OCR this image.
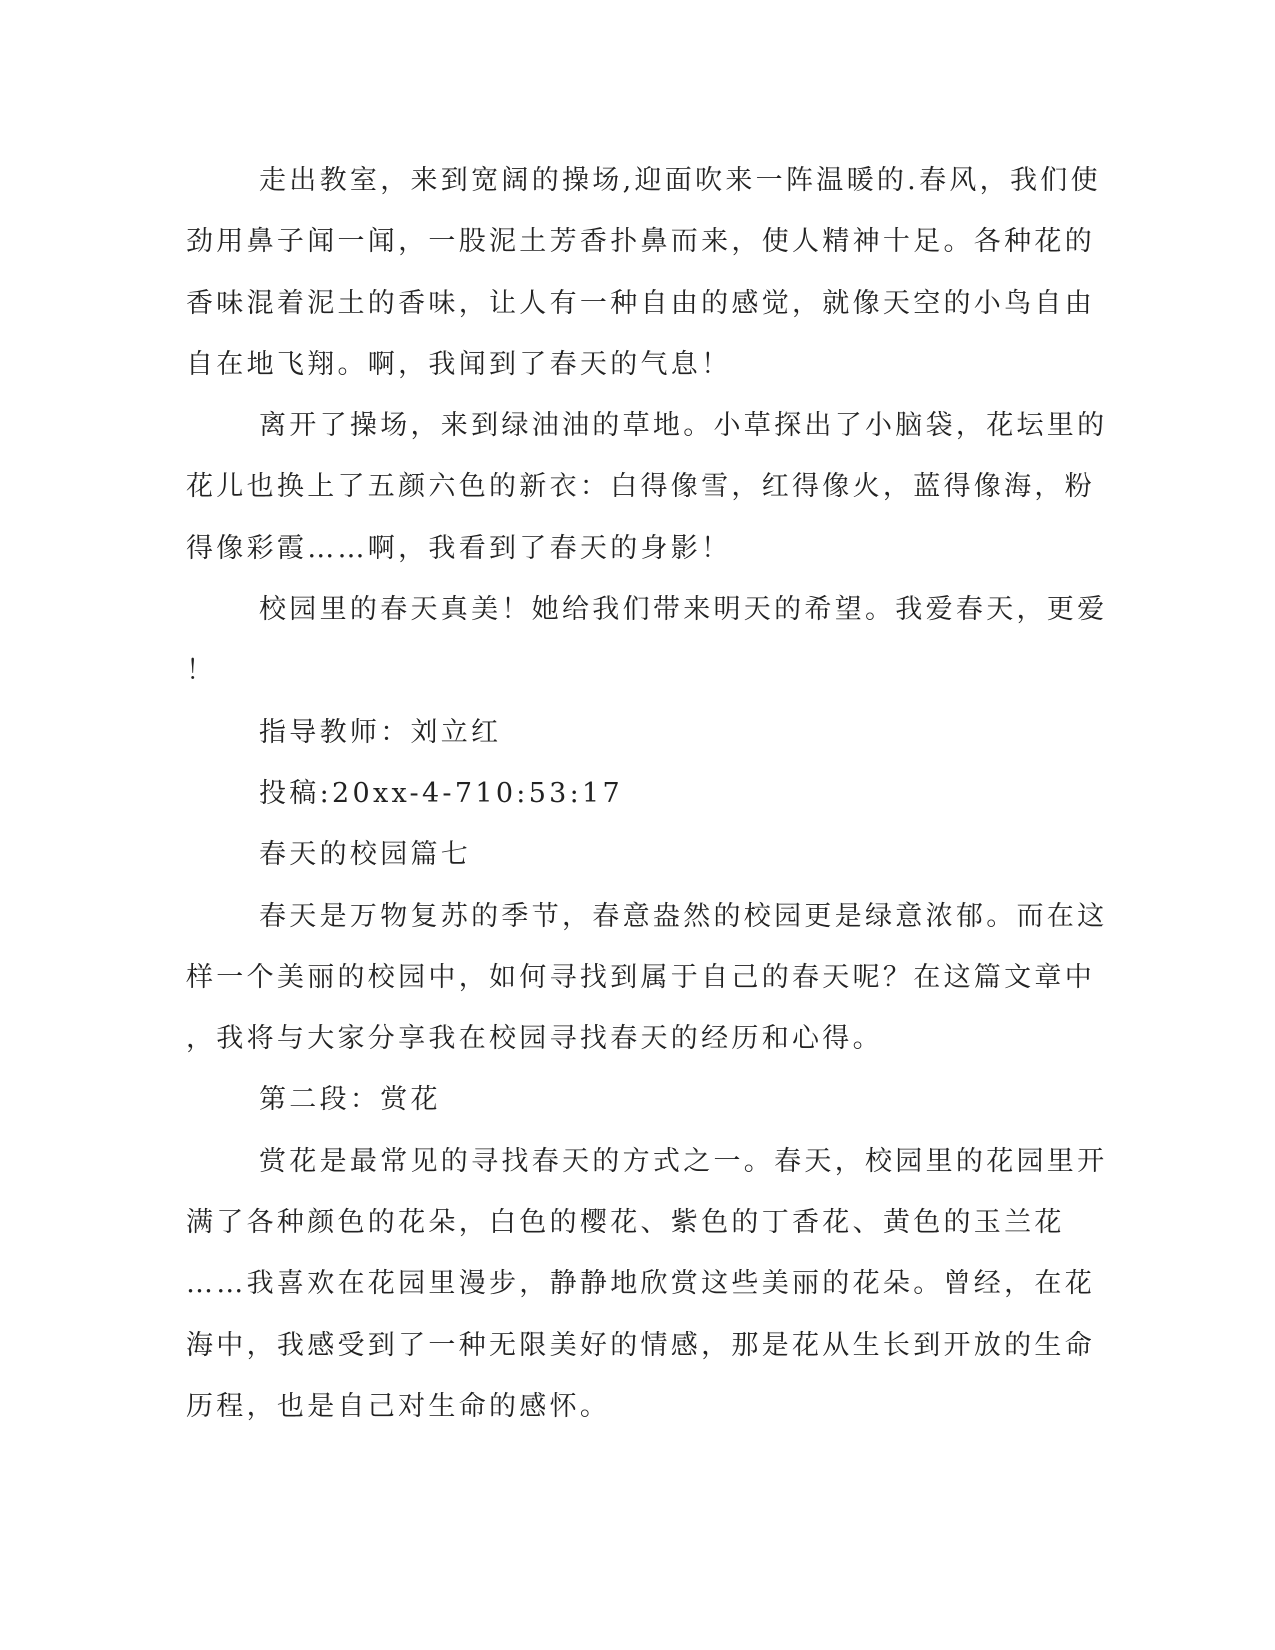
走出教室，来到宽阔的操场,迎面吹来一阵温暖的.春风，我们使
劲用鼻子闻一闻，一股泥土芳香扑鼻而来，使人精神十足。各种花的
香味混着泥土的香味，让人有一种自由的感觉，就像天空的小鸟自由
自在地飞翔。啊，我闻到了春天的气息！
离开了操场，来到绿油油的草地。小草探出了小脑袋，花坛里的
花儿也换上了五颜六色的新衣：白得像雪，红得像火，蓝得像海，粉
得像彩霞……啊，我看到了春天的身影！
校园里的春天真美！她给我们带来明天的希望。我爱春天，更爱
！
指导教师：刘立红
投稿:20xx-4-710:53:17
春天的校园篇七
春天是万物复苏的季节，春意盎然的校园更是绿意浓郁。而在这
样一个美丽的校园中，如何寻找到属于自己的春天呢？在这篇文章中
，我将与大家分享我在校园寻找春天的经历和心得。
第二段：赏花
赏花是最常见的寻找春天的方式之一。春天，校园里的花园里开
满了各种颜色的花朵，白色的樱花、紫色的丁香花、黄色的玉兰花
……我喜欢在花园里漫步，静静地欣赏这些美丽的花朵。曾经，在花
海中，我感受到了一种无限美好的情感，那是花从生长到开放的生命
历程，也是自己对生命的感怀。
